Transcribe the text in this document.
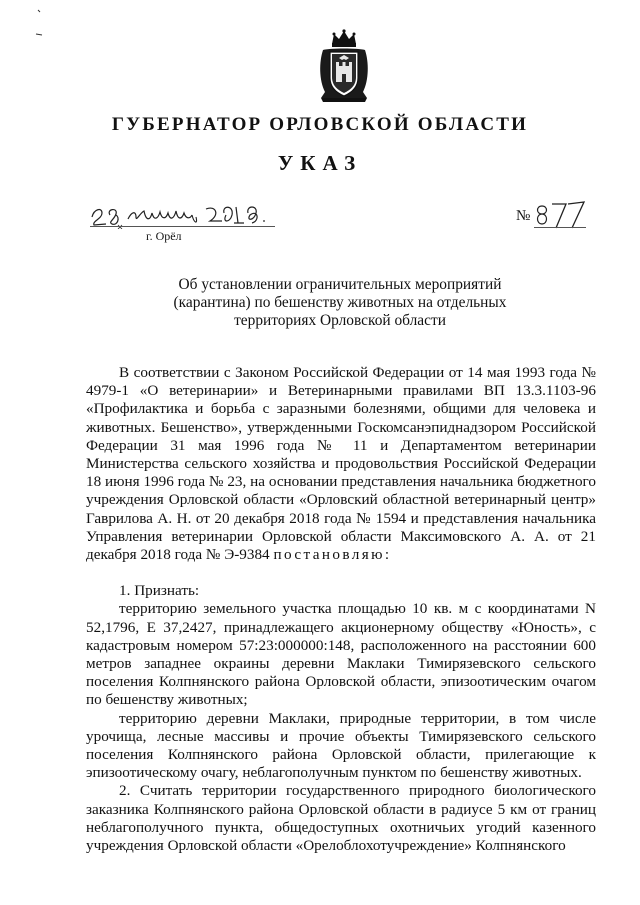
ГУБЕРНАТОР ОРЛОВСКОЙ ОБЛАСТИ
УКАЗ
г. Орёл
№
Об установлении ограничительных мероприятий
(карантина) по бешенству животных на отдельных
территориях Орловской области

В соответствии с Законом Российской Федерации от 14 мая 1993 года № 4979-1 «О ветеринарии» и Ветеринарными правилами ВП 13.3.1103-96 «Профилактика и борьба с заразными болезнями, общими для человека и животных. Бешенство», утвержденными Госкомсанэпиднадзором Российской Федерации 31 мая 1996 года № 11 и Департаментом ветеринарии Министерства сельского хозяйства и продовольствия Российской Федерации 18 июня 1996 года № 23, на основании представления начальника бюджетного учреждения Орловской области «Орловский областной ветеринарный центр» Гаврилова А. Н. от 20 декабря 2018 года № 1594 и представления начальника Управления ветеринарии Орловской области Максимовского А. А. от 21 декабря 2018 года № Э-9384 постановляю:

1. Признать:

территорию земельного участка площадью 10 кв. м с координатами N 52,1796, E 37,2427, принадлежащего акционерному обществу «Юность», с кадастровым номером 57:23:000000:148, расположенного на расстоянии 600 метров западнее окраины деревни Маклаки Тимирязевского сельского поселения Колпнянского района Орловской области, эпизоотическим очагом по бешенству животных;

территорию деревни Маклаки, природные территории, в том числе урочища, лесные массивы и прочие объекты Тимирязевского сельского поселения Колпнянского района Орловской области, прилегающие к эпизоотическому очагу, неблагополучным пунктом по бешенству животных.

2. Считать территории государственного природного биологического заказника Колпнянского района Орловской области в радиусе 5 км от границ неблагополучного пункта, общедоступных охотничьих угодий казенного учреждения Орловской области «Орелоблохотучреждение» Колпнянского
